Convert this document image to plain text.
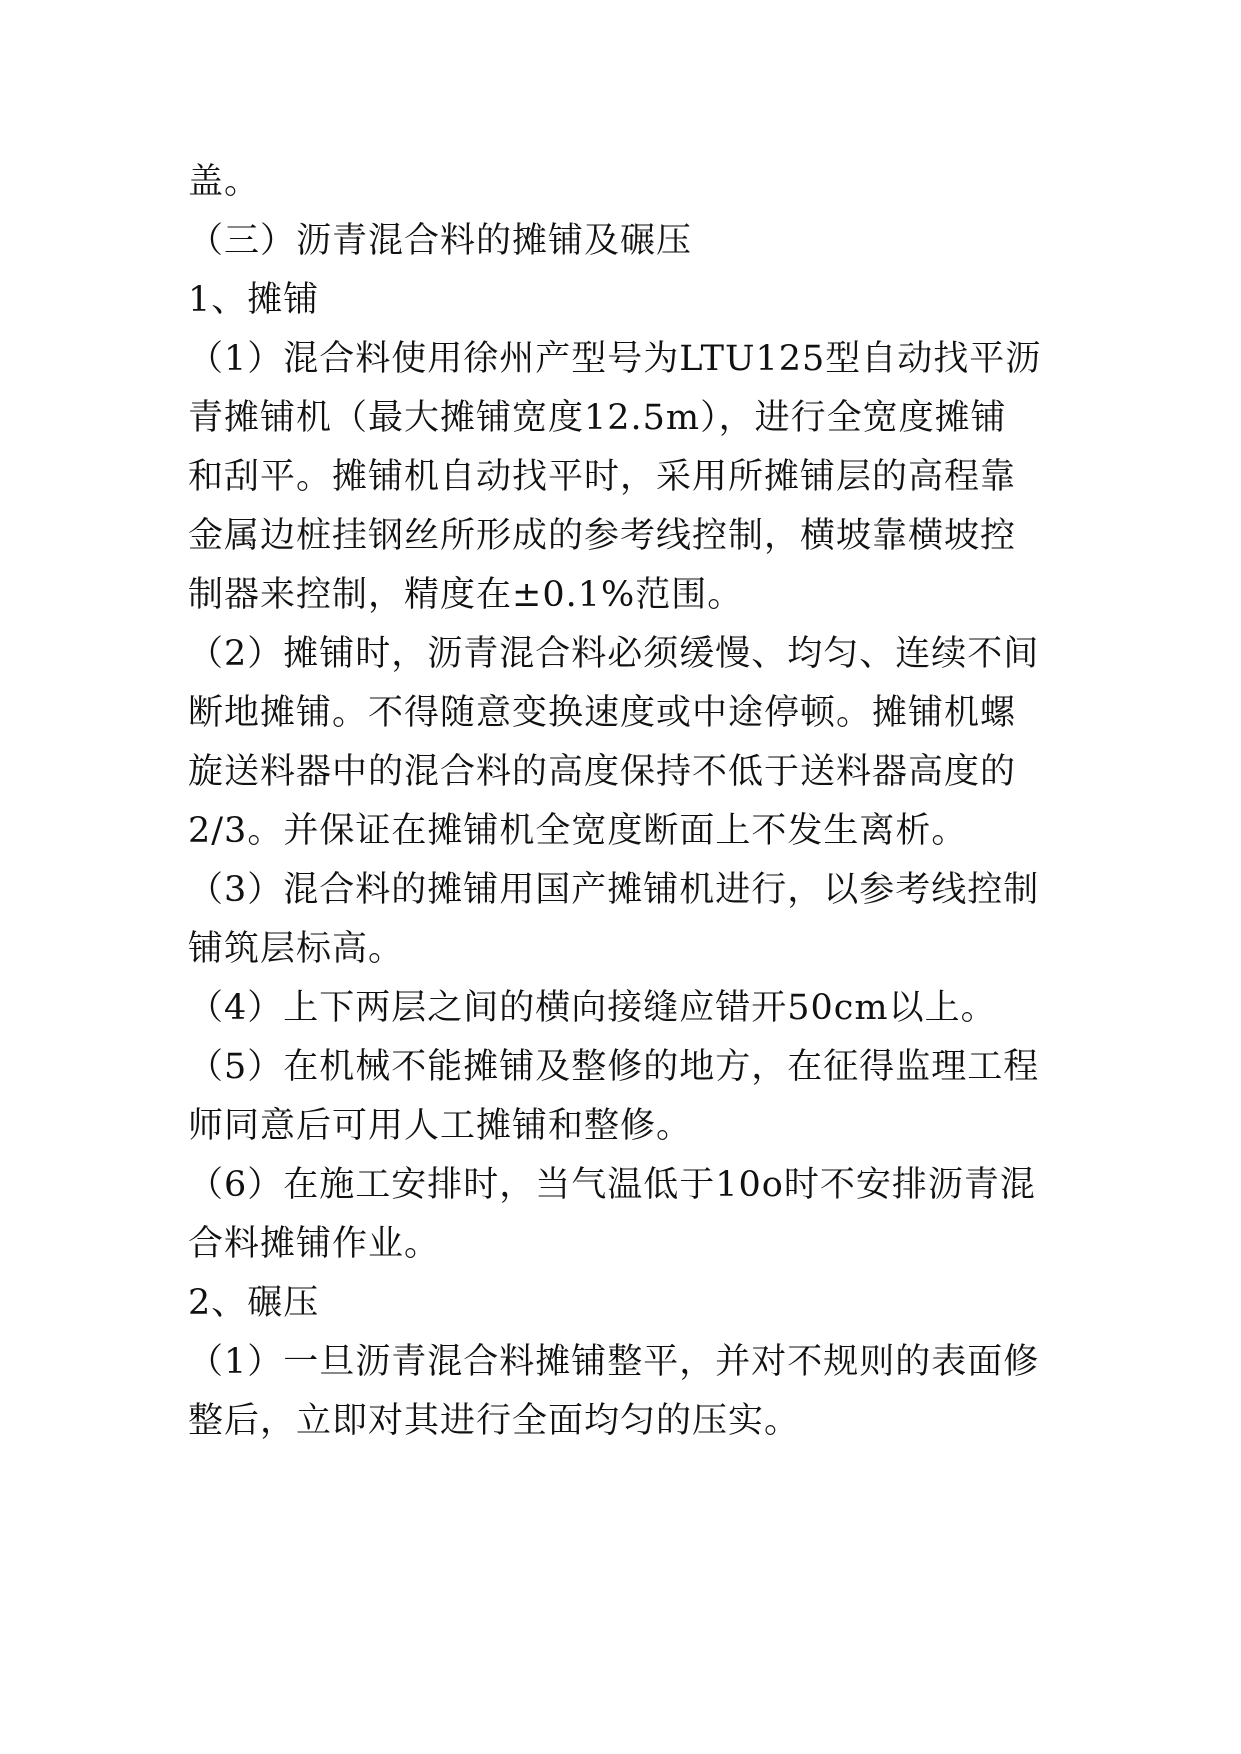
盖。
（三）沥青混合料的摊铺及碾压
1、摊铺
（1）混合料使用徐州产型号为LTU125型自动找平沥
青摊铺机（最大摊铺宽度12.5m），进行全宽度摊铺
和刮平。摊铺机自动找平时，采用所摊铺层的高程靠
金属边桩挂钢丝所形成的参考线控制，横坡靠横坡控
制器来控制，精度在±0.1%范围。
（2）摊铺时，沥青混合料必须缓慢、均匀、连续不间
断地摊铺。不得随意变换速度或中途停顿。摊铺机螺
旋送料器中的混合料的高度保持不低于送料器高度的
2/3。并保证在摊铺机全宽度断面上不发生离析。
（3）混合料的摊铺用国产摊铺机进行，以参考线控制
铺筑层标高。
（4）上下两层之间的横向接缝应错开50cm以上。
（5）在机械不能摊铺及整修的地方，在征得监理工程
师同意后可用人工摊铺和整修。
（6）在施工安排时，当气温低于10o时不安排沥青混
合料摊铺作业。
2、碾压
（1）一旦沥青混合料摊铺整平，并对不规则的表面修
整后，立即对其进行全面均匀的压实。
